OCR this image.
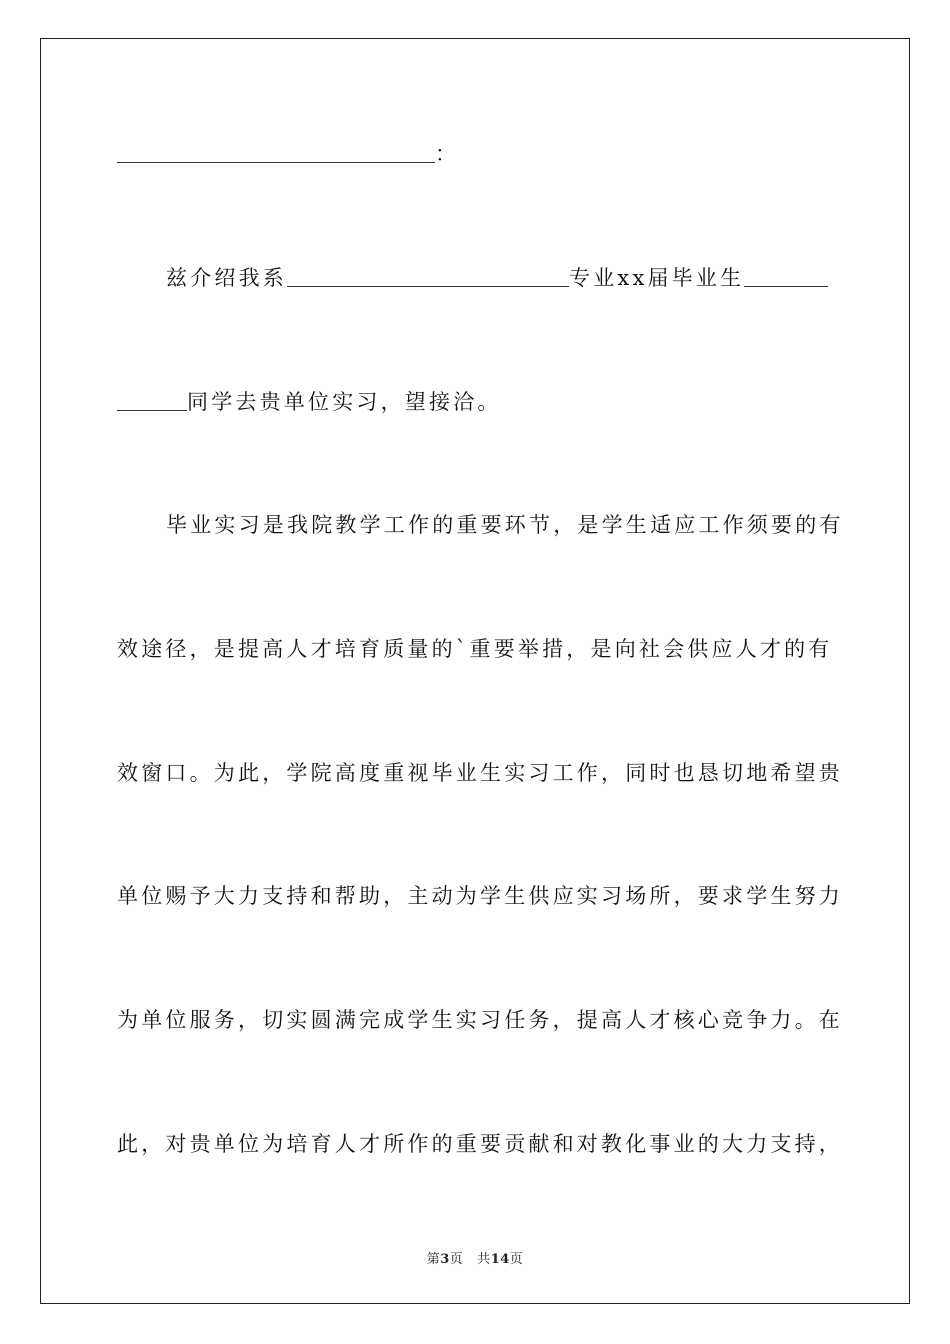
：
兹介绍我系	专业xx届毕业生
同学去贵单位实习，望接洽。
毕业实习是我院教学工作的重要环节，是学生适应工作须要的有
效途径，是提高人才培育质量的`重要举措，是向社会供应人才的有
效窗口。为此，学院高度重视毕业生实习工作，同时也恳切地希望贵
单位赐予大力支持和帮助，主动为学生供应实习场所，要求学生努力
为单位服务，切实圆满完成学生实习任务，提高人才核心竞争力。在
此，对贵单位为培育人才所作的重要贡献和对教化事业的大力支持，
第3页 共14页
